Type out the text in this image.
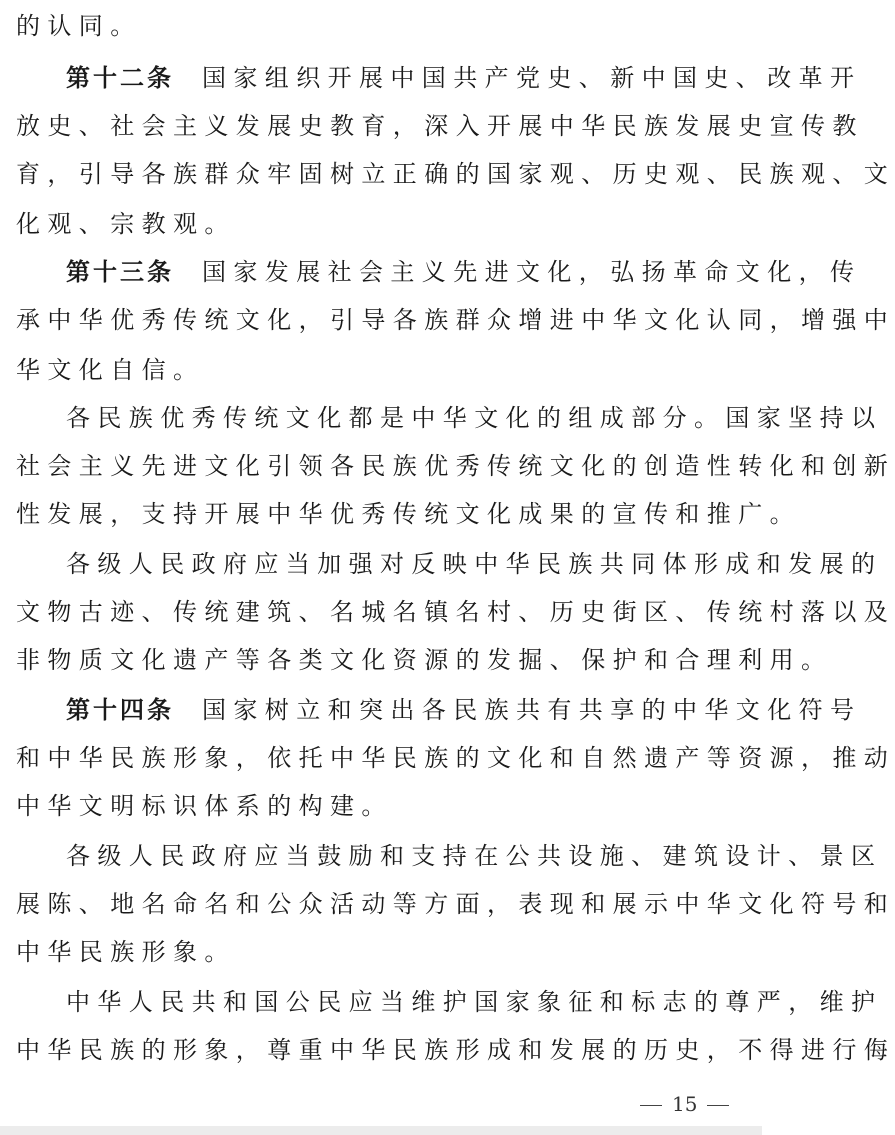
的认同。
第十二条 国家组织开展中国共产党史、新中国史、改革开
放史、社会主义发展史教育，深入开展中华民族发展史宣传教
育，引导各族群众牢固树立正确的国家观、历史观、民族观、文
化观、宗教观。
第十三条 国家发展社会主义先进文化，弘扬革命文化，传
承中华优秀传统文化，引导各族群众增进中华文化认同，增强中
华文化自信。
各民族优秀传统文化都是中华文化的组成部分。国家坚持以
社会主义先进文化引领各民族优秀传统文化的创造性转化和创新
性发展，支持开展中华优秀传统文化成果的宣传和推广。
各级人民政府应当加强对反映中华民族共同体形成和发展的
文物古迹、传统建筑、名城名镇名村、历史街区、传统村落以及
非物质文化遗产等各类文化资源的发掘、保护和合理利用。
第十四条 国家树立和突出各民族共有共享的中华文化符号
和中华民族形象，依托中华民族的文化和自然遗产等资源，推动
中华文明标识体系的构建。
各级人民政府应当鼓励和支持在公共设施、建筑设计、景区
展陈、地名命名和公众活动等方面，表现和展示中华文化符号和
中华民族形象。
中华人民共和国公民应当维护国家象征和标志的尊严，维护
中华民族的形象，尊重中华民族形成和发展的历史，不得进行侮
15
